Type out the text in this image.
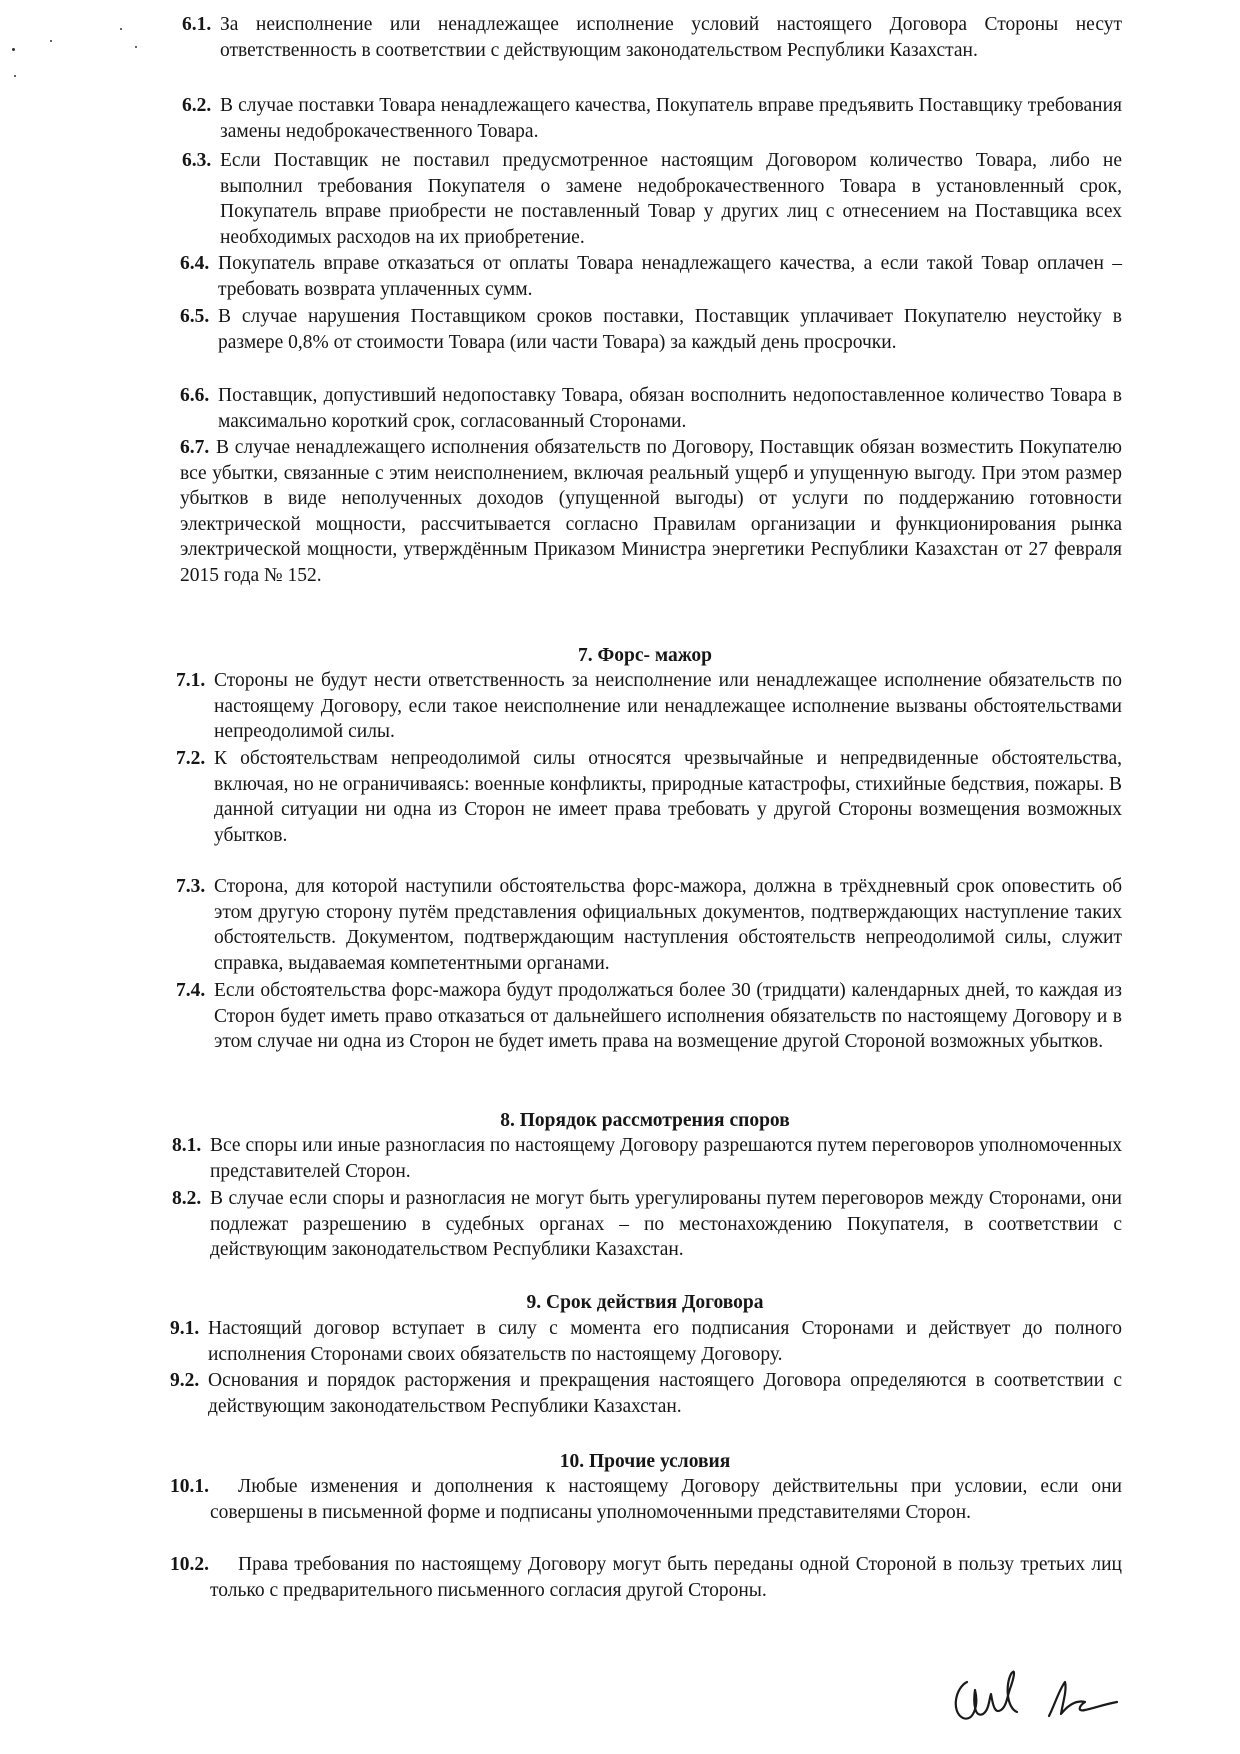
6.1. За неисполнение или ненадлежащее исполнение условий настоящего Договора Стороны несут ответственность в соответствии с действующим законодательством Республики Казахстан.
6.2. В случае поставки Товара ненадлежащего качества, Покупатель вправе предъявить Поставщику требования замены недоброкачественного Товара.
6.3. Если Поставщик не поставил предусмотренное настоящим Договором количество Товара, либо не выполнил требования Покупателя о замене недоброкачественного Товара в установленный срок, Покупатель вправе приобрести не поставленный Товар у других лиц с отнесением на Поставщика всех необходимых расходов на их приобретение.
6.4. Покупатель вправе отказаться от оплаты Товара ненадлежащего качества, а если такой Товар оплачен – требовать возврата уплаченных сумм.
6.5. В случае нарушения Поставщиком сроков поставки, Поставщик уплачивает Покупателю неустойку в размере 0,8% от стоимости Товара (или части Товара) за каждый день просрочки.
6.6. Поставщик, допустивший недопоставку Товара, обязан восполнить недопоставленное количество Товара в максимально короткий срок, согласованный Сторонами.
6.7. В случае ненадлежащего исполнения обязательств по Договору, Поставщик обязан возместить Покупателю все убытки, связанные с этим неисполнением, включая реальный ущерб и упущенную выгоду. При этом размер убытков в виде неполученных доходов (упущенной выгоды) от услуги по поддержанию готовности электрической мощности, рассчитывается согласно Правилам организации и функционирования рынка электрической мощности, утверждённым Приказом Министра энергетики Республики Казахстан от 27 февраля 2015 года № 152.
7. Форс- мажор
7.1. Стороны не будут нести ответственность за неисполнение или ненадлежащее исполнение обязательств по настоящему Договору, если такое неисполнение или ненадлежащее исполнение вызваны обстоятельствами непреодолимой силы.
7.2. К обстоятельствам непреодолимой силы относятся чрезвычайные и непредвиденные обстоятельства, включая, но не ограничиваясь: военные конфликты, природные катастрофы, стихийные бедствия, пожары. В данной ситуации ни одна из Сторон не имеет права требовать у другой Стороны возмещения возможных убытков.
7.3. Сторона, для которой наступили обстоятельства форс-мажора, должна в трёхдневный срок оповестить об этом другую сторону путём представления официальных документов, подтверждающих наступление таких обстоятельств. Документом, подтверждающим наступления обстоятельств непреодолимой силы, служит справка, выдаваемая компетентными органами.
7.4. Если обстоятельства форс-мажора будут продолжаться более 30 (тридцати) календарных дней, то каждая из Сторон будет иметь право отказаться от дальнейшего исполнения обязательств по настоящему Договору и в этом случае ни одна из Сторон не будет иметь права на возмещение другой Стороной возможных убытков.
8. Порядок рассмотрения споров
8.1. Все споры или иные разногласия по настоящему Договору разрешаются путем переговоров уполномоченных представителей Сторон.
8.2. В случае если споры и разногласия не могут быть урегулированы путем переговоров между Сторонами, они подлежат разрешению в судебных органах – по местонахождению Покупателя, в соответствии с действующим законодательством Республики Казахстан.
9. Срок действия Договора
9.1. Настоящий договор вступает в силу с момента его подписания Сторонами и действует до полного исполнения Сторонами своих обязательств по настоящему Договору.
9.2. Основания и порядок расторжения и прекращения настоящего Договора определяются в соответствии с действующим законодательством Республики Казахстан.
10. Прочие условия
10.1.	Любые изменения и дополнения к настоящему Договору действительны при условии, если они совершены в письменной форме и подписаны уполномоченными представителями Сторон.
10.2.	Права требования по настоящему Договору могут быть переданы одной Стороной в пользу третьих лиц только с предварительного письменного согласия другой Стороны.
